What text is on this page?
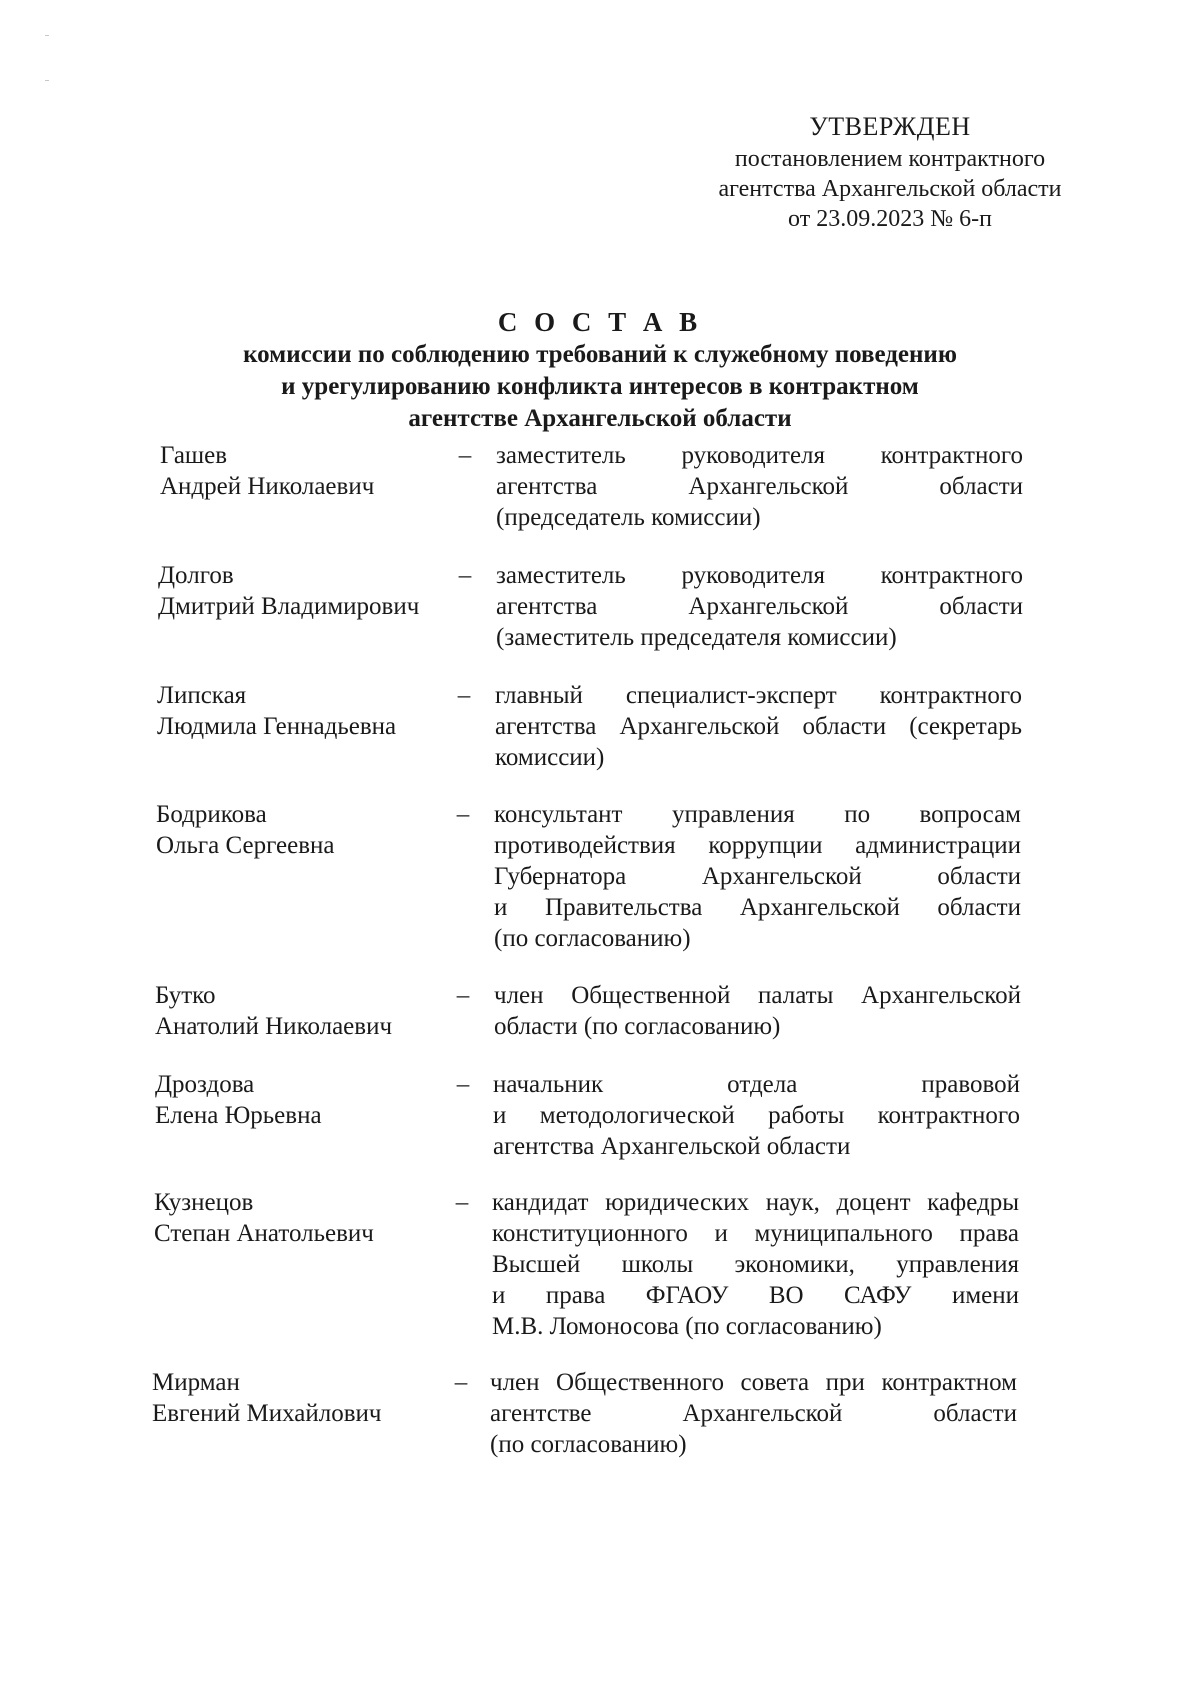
УТВЕРЖДЕН
постановлением контрактного
агентства Архангельской области
от 23.09.2023 № 6-п
С О С Т А В
комиссии по соблюдению требований к служебному поведению
и урегулированию конфликта интересов в контрактном
агентстве Архангельской области
Гашев
Андрей Николаевич
– заместитель руководителя контрактного
агентства Архангельской области
(председатель комиссии)
Долгов
Дмитрий Владимирович
– заместитель руководителя контрактного
агентства Архангельской области
(заместитель председателя комиссии)
Липская
Людмила Геннадьевна
– главный специалист-эксперт контрактного
агентства Архангельской области (секретарь
комиссии)
Бодрикова
Ольга Сергеевна
– консультант управления по вопросам
противодействия коррупции администрации
Губернатора Архангельской области
и Правительства Архангельской области
(по согласованию)
Бутко
Анатолий Николаевич
– член Общественной палаты Архангельской
области (по согласованию)
Дроздова
Елена Юрьевна
– начальник отдела правовой
и методологической работы контрактного
агентства Архангельской области
Кузнецов
Степан Анатольевич
– кандидат юридических наук, доцент кафедры
конституционного и муниципального права
Высшей школы экономики, управления
и права ФГАОУ ВО САФУ имени
М.В. Ломоносова (по согласованию)
Мирман
Евгений Михайлович
– член Общественного совета при контрактном
агентстве Архангельской области
(по согласованию)
